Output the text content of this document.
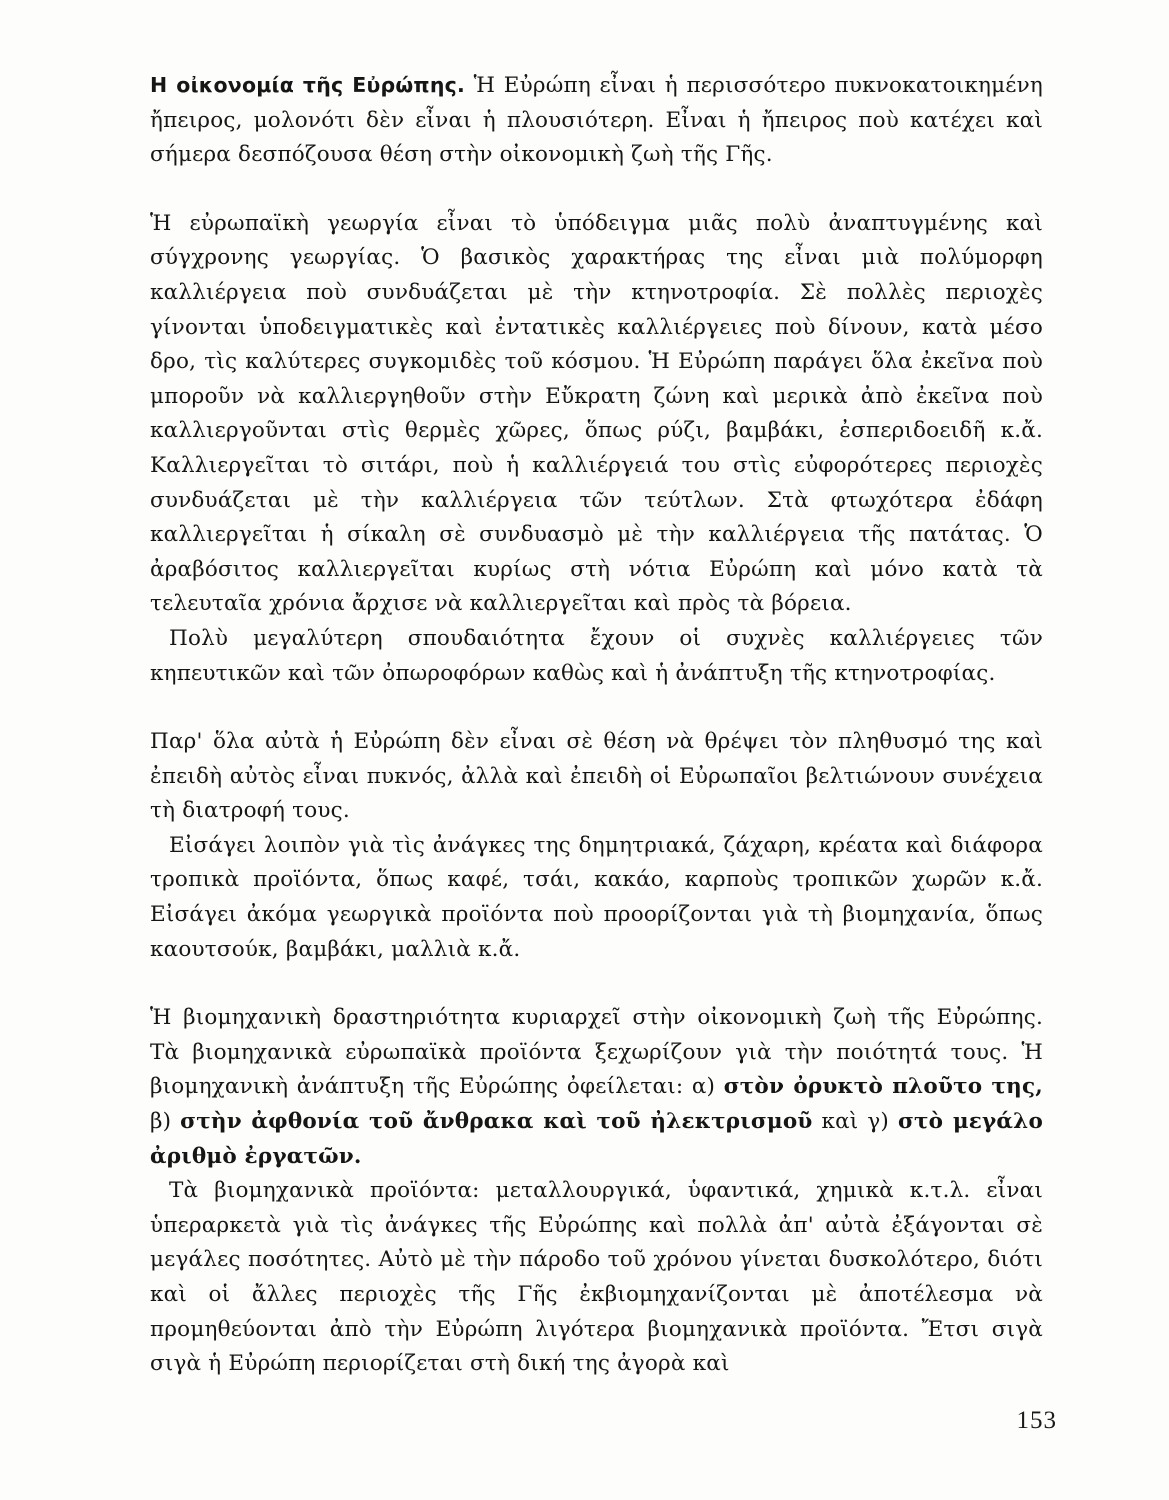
Η οἰκονομία τῆς Εὐρώπης. Ἡ Εὐρώπη εἶναι ἡ περισσότερο πυκνοκατοικημένη ἤπειρος, μολονότι δὲν εἶναι ἡ πλουσιότερη. Εἶναι ἡ ἤπειρος ποὺ κατέχει καὶ σήμερα δεσπόζουσα θέση στὴν οἰκονομικὴ ζωὴ τῆς Γῆς.

Ἡ εὐρωπαϊκὴ γεωργία εἶναι τὸ ὑπόδειγμα μιᾶς πολὺ ἀναπτυγμένης καὶ σύγχρονης γεωργίας. Ὁ βασικὸς χαρακτήρας της εἶναι μιὰ πολύμορφη καλλιέργεια ποὺ συνδυάζεται μὲ τὴν κτηνοτροφία. Σὲ πολλὲς περιοχὲς γίνονται ὑποδειγματικὲς καὶ ἐντατικὲς καλλιέργειες ποὺ δίνουν, κατὰ μέσο δρο, τὶς καλύτερες συγκομιδὲς τοῦ κόσμου. Ἡ Εὐρώπη παράγει ὅλα ἐκεῖνα ποὺ μποροῦν νὰ καλλιεργηθοῦν στὴν Εὔκρατη ζώνη καὶ μερικὰ ἀπὸ ἐκεῖνα ποὺ καλλιεργοῦνται στὶς θερμὲς χῶρες, ὅπως ρύζι, βαμβάκι, ἐσπεριδοειδῆ κ.ἄ. Καλλιεργεῖται τὸ σιτάρι, ποὺ ἡ καλλιέργειά του στὶς εὐφορότερες περιοχὲς συνδυάζεται μὲ τὴν καλλιέργεια τῶν τεύτλων. Στὰ φτωχότερα ἐδάφη καλλιεργεῖται ἡ σίκαλη σὲ συνδυασμὸ μὲ τὴν καλλιέργεια τῆς πατάτας. Ὁ ἀραβόσιτος καλλιεργεῖται κυρίως στὴ νότια Εὐρώπη καὶ μόνο κατὰ τὰ τελευταῖα χρόνια ἄρχισε νὰ καλλιεργεῖται καὶ πρὸς τὰ βόρεια.

Πολὺ μεγαλύτερη σπουδαιότητα ἔχουν οἱ συχνὲς καλλιέργειες τῶν κηπευτικῶν καὶ τῶν ὀπωροφόρων καθὼς καὶ ἡ ἀνάπτυξη τῆς κτηνοτροφίας.

Παρ' ὅλα αὐτὰ ἡ Εὐρώπη δὲν εἶναι σὲ θέση νὰ θρέψει τὸν πληθυσμό της καὶ ἐπειδὴ αὐτὸς εἶναι πυκνός, ἀλλὰ καὶ ἐπειδὴ οἱ Εὐρωπαῖοι βελτιώνουν συνέχεια τὴ διατροφή τους.

Εἰσάγει λοιπὸν γιὰ τὶς ἀνάγκες της δημητριακά, ζάχαρη, κρέατα καὶ διάφορα τροπικὰ προϊόντα, ὅπως καφέ, τσάι, κακάο, καρποὺς τροπικῶν χωρῶν κ.ἄ. Εἰσάγει ἀκόμα γεωργικὰ προϊόντα ποὺ προορίζονται γιὰ τὴ βιομηχανία, ὅπως καουτσούκ, βαμβάκι, μαλλιὰ κ.ἄ.

Ἡ βιομηχανικὴ δραστηριότητα κυριαρχεῖ στὴν οἰκονομικὴ ζωὴ τῆς Εὐρώπης. Τὰ βιομηχανικὰ εὐρωπαϊκὰ προϊόντα ξεχωρίζουν γιὰ τὴν ποιότητά τους. Ἡ βιομηχανικὴ ἀνάπτυξη τῆς Εὐρώπης ὀφείλεται: α) στὸν ὀρυκτὸ πλοῦτο της, β) στὴν ἀφθονία τοῦ ἄνθρακα καὶ τοῦ ἠλεκτρισμοῦ καὶ γ) στὸ μεγάλο ἀριθμὸ ἐργατῶν.

Τὰ βιομηχανικὰ προϊόντα: μεταλλουργικά, ὑφαντικά, χημικὰ κ.τ.λ. εἶναι ὑπεραρκετὰ γιὰ τὶς ἀνάγκες τῆς Εὐρώπης καὶ πολλὰ ἀπ' αὐτὰ ἐξάγονται σὲ μεγάλες ποσότητες. Αὐτὸ μὲ τὴν πάροδο τοῦ χρόνου γίνεται δυσκολότερο, διότι καὶ οἱ ἄλλες περιοχὲς τῆς Γῆς ἐκβιομηχανίζονται μὲ ἀποτέλεσμα νὰ προμηθεύονται ἀπὸ τὴν Εὐρώπη λιγότερα βιομηχανικὰ προϊόντα. Ἔτσι σιγὰ σιγὰ ἡ Εὐρώπη περιορίζεται στὴ δική της ἀγορὰ καὶ

153
